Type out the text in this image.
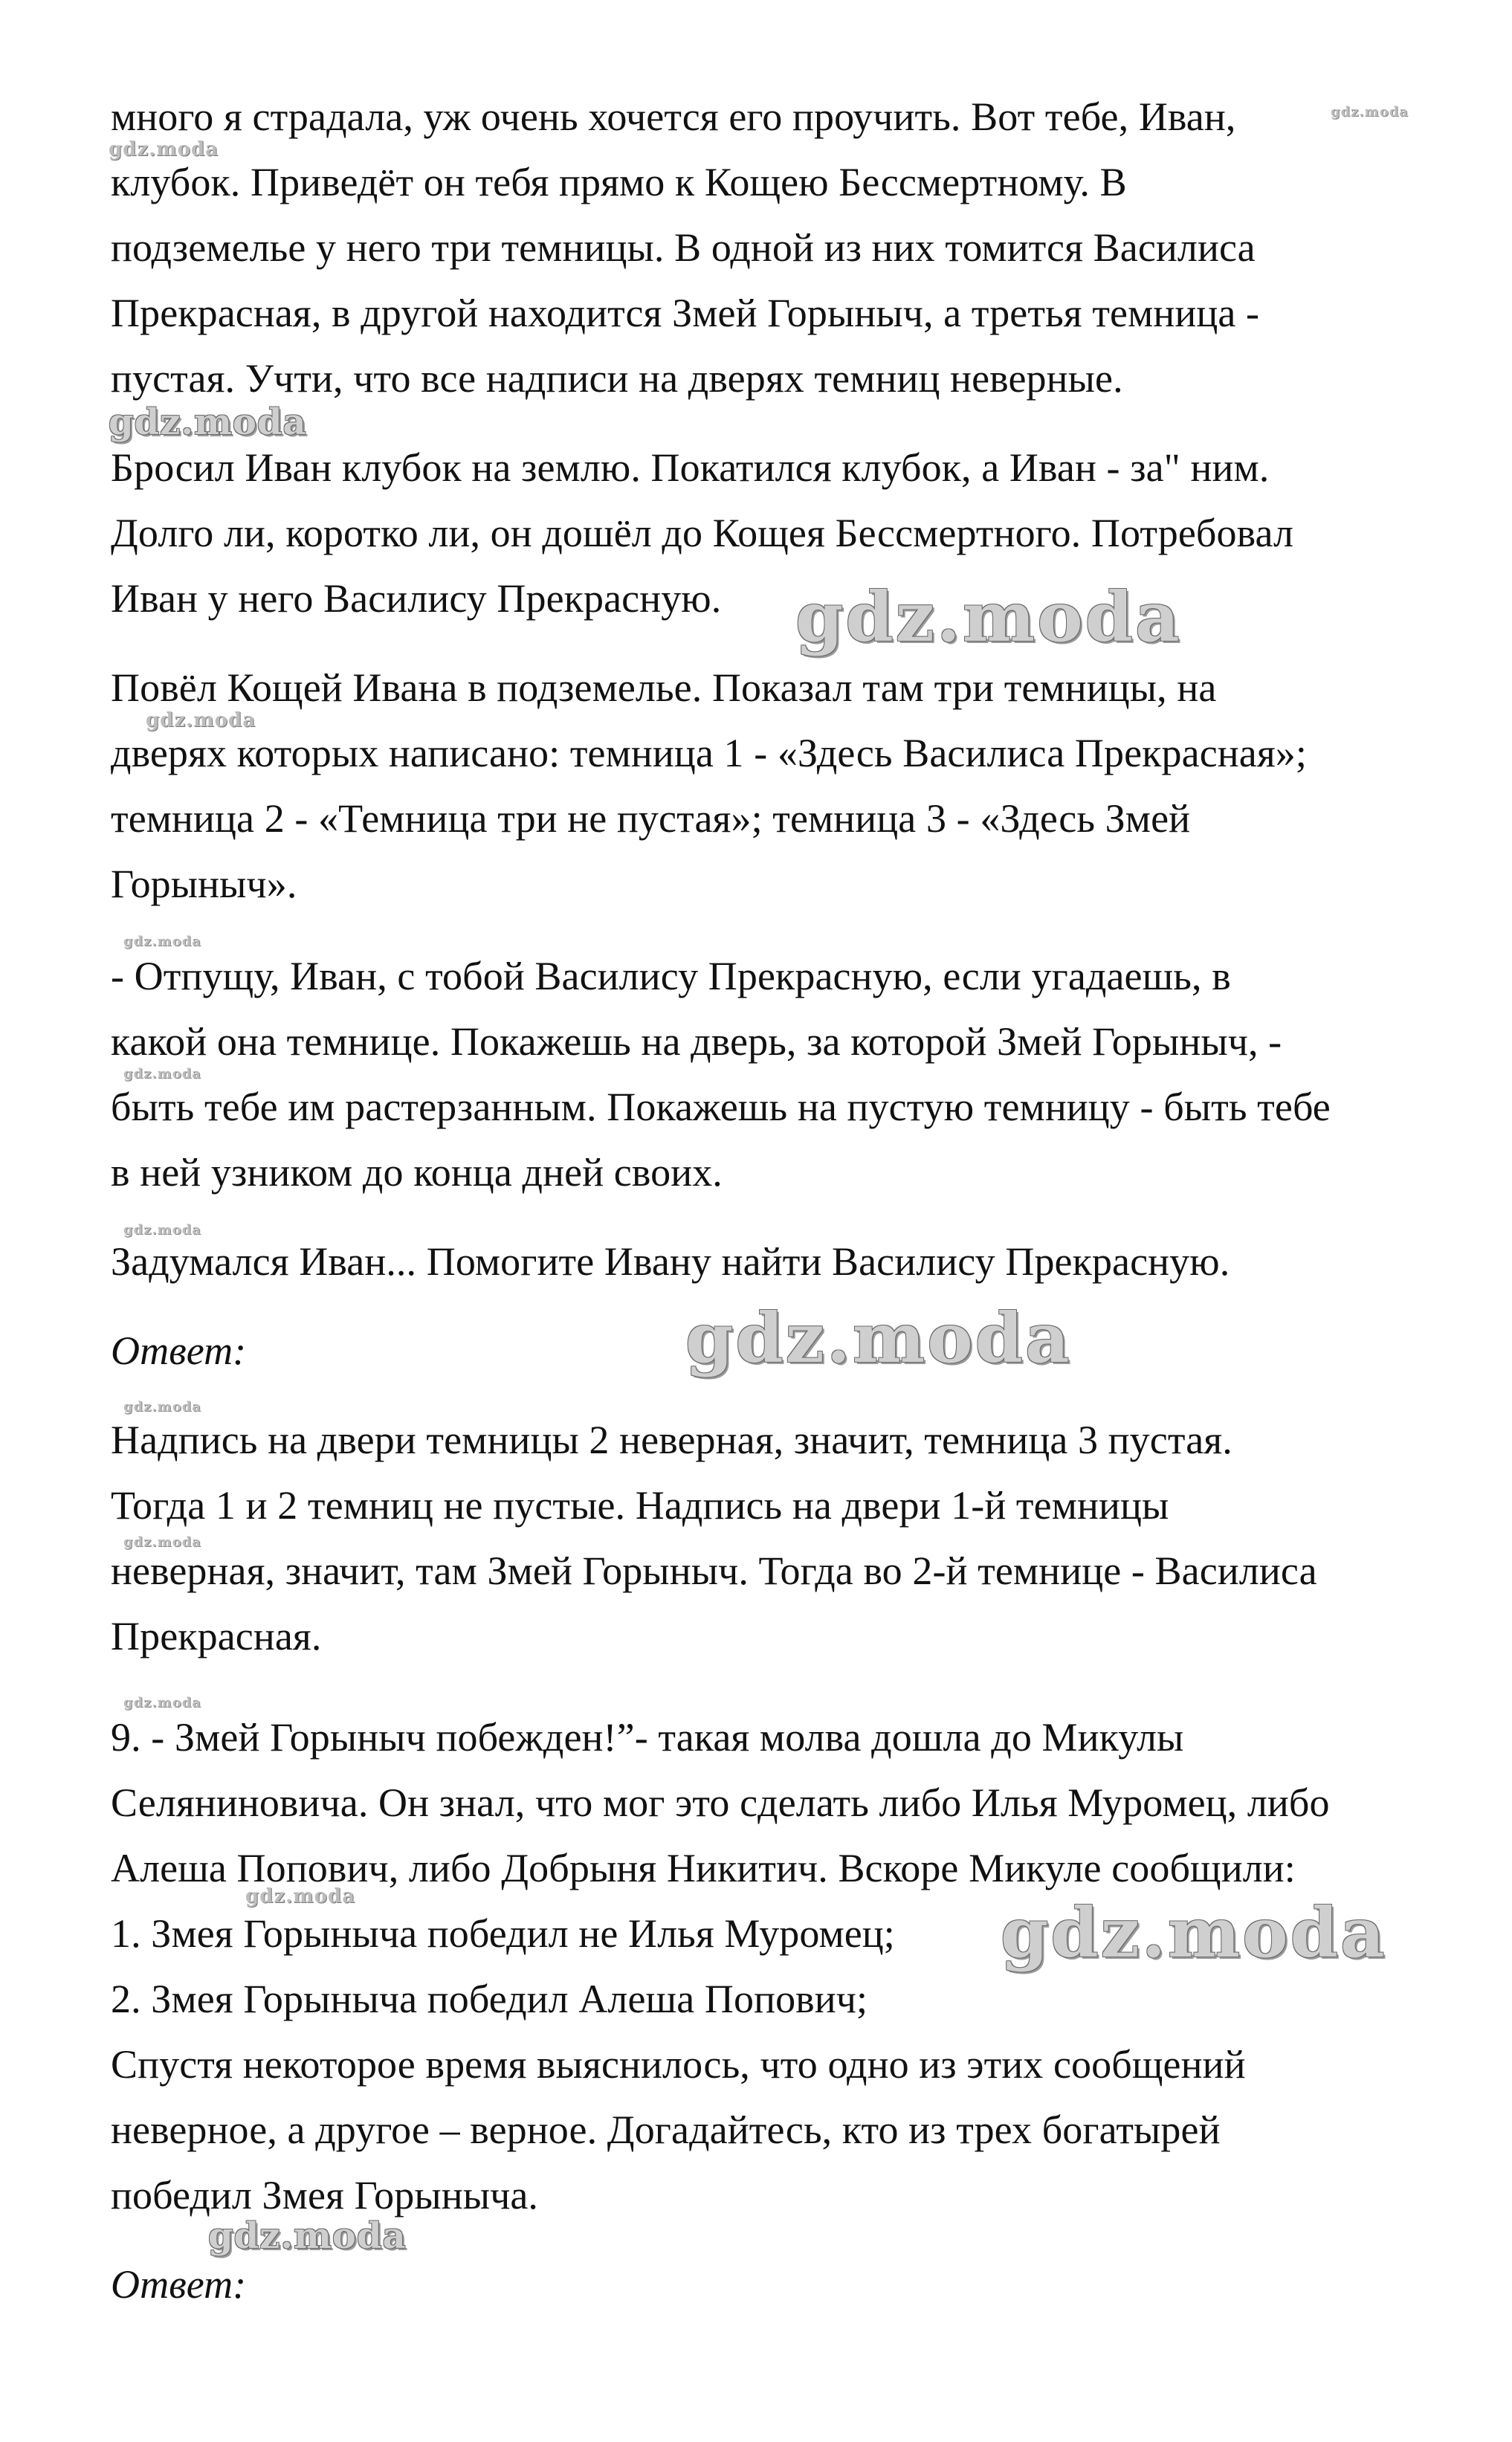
много я страдала, уж очень хочется его проучить. Вот тебе, Иван,
клубок. Приведёт он тебя прямо к Кощею Бессмертному. В
подземелье у него три темницы. В одной из них томится Василиса
Прекрасная, в другой находится Змей Горыныч, а третья темница -
пустая. Учти, что все надписи на дверях темниц неверные.
Бросил Иван клубок на землю. Покатился клубок, а Иван - за" ним.
Долго ли, коротко ли, он дошёл до Кощея Бессмертного. Потребовал
Иван у него Василису Прекрасную.
Повёл Кощей Ивана в подземелье. Показал там три темницы, на
дверях которых написано: темница 1 - «Здесь Василиса Прекрасная»;
темница 2 - «Темница три не пустая»; темница 3 - «Здесь Змей
Горыныч».
- Отпущу, Иван, с тобой Василису Прекрасную, если угадаешь, в
какой она темнице. Покажешь на дверь, за которой Змей Горыныч, -
быть тебе им растерзанным. Покажешь на пустую темницу - быть тебе
в ней узником до конца дней своих.
Задумался Иван... Помогите Ивану найти Василису Прекрасную.
Ответ:
Надпись на двери темницы 2 неверная, значит, темница 3 пустая.
Тогда 1 и 2 темниц не пустые. Надпись на двери 1-й темницы
неверная, значит, там Змей Горыныч. Тогда во 2-й темнице - Василиса
Прекрасная.
9. - Змей Горыныч побежден!”- такая молва дошла до Микулы
Селяниновича. Он знал, что мог это сделать либо Илья Муромец, либо
Алеша Попович, либо Добрыня Никитич. Вскоре Микуле сообщили:
1. Змея Горыныча победил не Илья Муромец;
2. Змея Горыныча победил Алеша Попович;
Спустя некоторое время выяснилось, что одно из этих сообщений
неверное, а другое – верное. Догадайтесь, кто из трех богатырей
победил Змея Горыныча.
Ответ:
gdz.moda
gdz.moda
gdz.moda
gdz.moda
gdz.moda
gdz.moda
gdz.moda
gdz.moda
gdz.moda
gdz.moda
gdz.moda
gdz.moda
gdz.moda	gdz.moda
gdz.moda
